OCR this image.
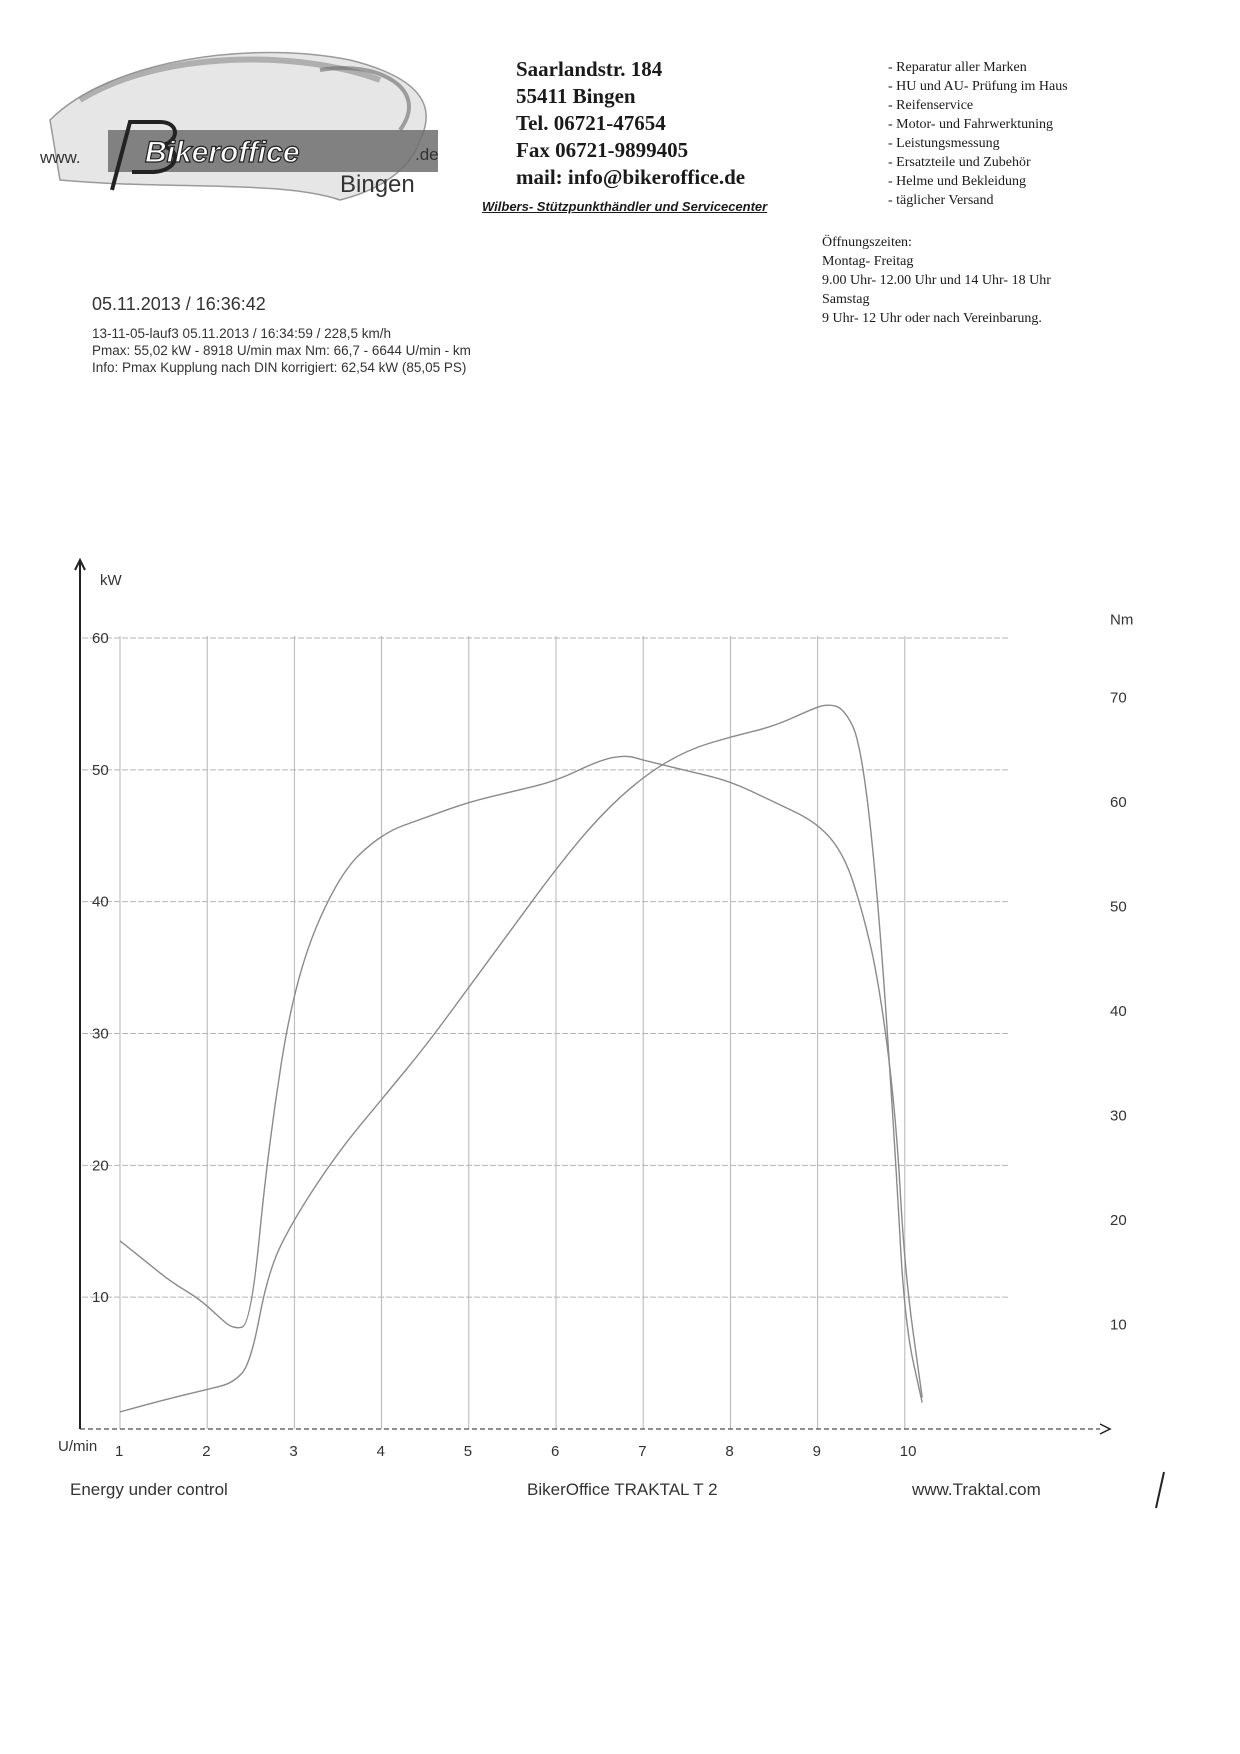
www. Bikeroffice	.de
Bingen
Saarlandstr. 184
55411 Bingen
Tel. 06721-47654
Fax 06721-9899405
mail: info@bikeroffice.de
Wilbers- Stützpunkthändler und Servicecenter
- Reparatur aller Marken
- HU und AU- Prüfung im Haus
- Reifenservice
- Motor- und Fahrwerktuning
- Leistungsmessung
- Ersatzteile und Zubehör
- Helme und Bekleidung
- täglicher Versand
Öffnungszeiten:
Montag- Freitag
9.00 Uhr- 12.00 Uhr und 14 Uhr- 18 Uhr
Samstag
9 Uhr- 12 Uhr oder nach Vereinbarung.
05.11.2013 / 16:36:42
13-11-05-lauf3 05.11.2013 / 16:34:59 / 228,5 km/h
Pmax: 55,02 kW - 8918 U/min max Nm: 66,7 - 6644 U/min - km
Info: Pmax Kupplung nach DIN korrigiert: 62,54 kW (85,05 PS)
kW
U/min
Nm
1	2	3	4	5	6	7	8	9	10
10
20
30
40
50
60
10
20
30
40
50
60
70
Energy under control	BikerOffice TRAKTAL T 2	www.Traktal.com
